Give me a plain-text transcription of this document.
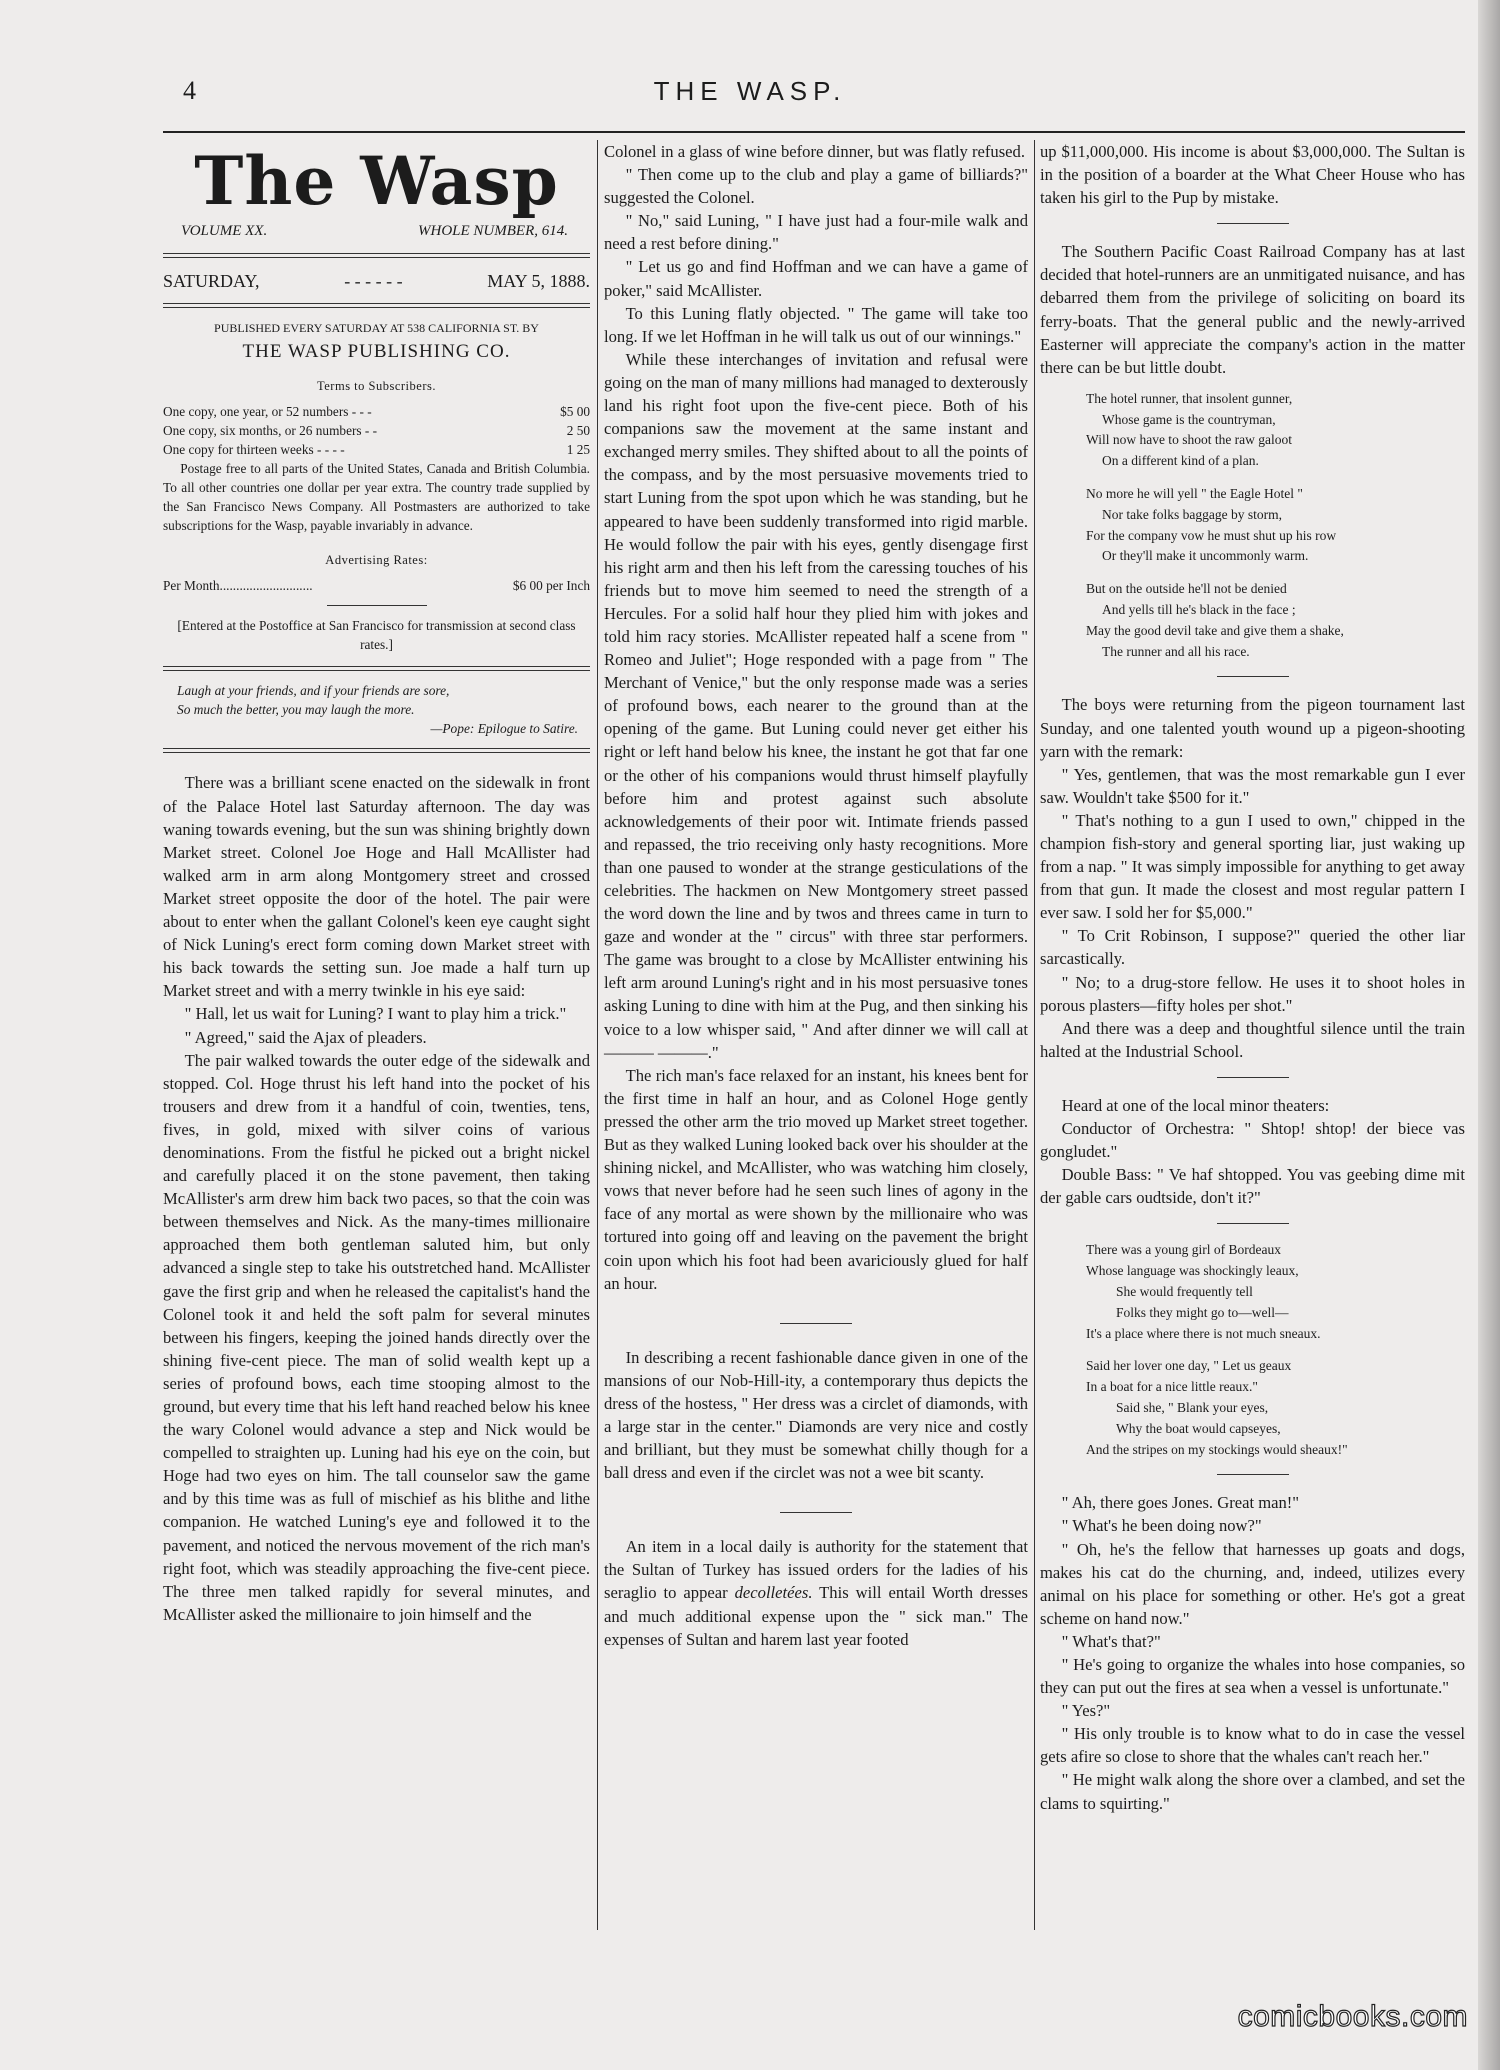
4	THE WASP.
The Wasp
VOLUME XX.	WHOLE NUMBER, 614.
SATURDAY,	- - - - - -	MAY 5, 1888.
PUBLISHED EVERY SATURDAY AT 538 CALIFORNIA ST. BY
THE WASP PUBLISHING CO.
Terms to Subscribers.
One copy, one year, or 52 numbers - - -	$5 00
One copy, six months, or 26 numbers - -	2 50
One copy for thirteen weeks - - - -	1 25

Postage free to all parts of the United States, Canada and British Columbia. To all other countries one dollar per year extra. The country trade supplied by the San Francisco News Company. All Postmasters are authorized to take subscriptions for the Wasp, payable invariably in advance.

Advertising Rates:
Per Month............................	$6 00 per Inch
[Entered at the Postoffice at San Francisco for transmission at second class rates.]
Laugh at your friends, and if your friends are sore,
So much the better, you may laugh the more.
—Pope: Epilogue to Satire.

There was a brilliant scene enacted on the sidewalk in front of the Palace Hotel last Saturday afternoon. The day was waning towards evening, but the sun was shining brightly down Market street. Colonel Joe Hoge and Hall McAllister had walked arm in arm along Montgomery street and crossed Market street opposite the door of the hotel. The pair were about to enter when the gallant Colonel's keen eye caught sight of Nick Luning's erect form coming down Market street with his back towards the setting sun. Joe made a half turn up Market street and with a merry twinkle in his eye said:

" Hall, let us wait for Luning? I want to play him a trick."

" Agreed," said the Ajax of pleaders.

The pair walked towards the outer edge of the sidewalk and stopped. Col. Hoge thrust his left hand into the pocket of his trousers and drew from it a handful of coin, twenties, tens, fives, in gold, mixed with silver coins of various denominations. From the fistful he picked out a bright nickel and carefully placed it on the stone pavement, then taking McAllister's arm drew him back two paces, so that the coin was between themselves and Nick. As the many-times millionaire approached them both gentleman saluted him, but only advanced a single step to take his outstretched hand. McAllister gave the first grip and when he released the capitalist's hand the Colonel took it and held the soft palm for several minutes between his fingers, keeping the joined hands directly over the shining five-cent piece. The man of solid wealth kept up a series of profound bows, each time stooping almost to the ground, but every time that his left hand reached below his knee the wary Colonel would advance a step and Nick would be compelled to straighten up. Luning had his eye on the coin, but Hoge had two eyes on him. The tall counselor saw the game and by this time was as full of mischief as his blithe and lithe companion. He watched Luning's eye and followed it to the pavement, and noticed the nervous movement of the rich man's right foot, which was steadily approaching the five-cent piece. The three men talked rapidly for several minutes, and McAllister asked the millionaire to join himself and the

Colonel in a glass of wine before dinner, but was flatly refused.

" Then come up to the club and play a game of billiards?" suggested the Colonel.

" No," said Luning, " I have just had a four-mile walk and need a rest before dining."

" Let us go and find Hoffman and we can have a game of poker," said McAllister.

To this Luning flatly objected. " The game will take too long. If we let Hoffman in he will talk us out of our winnings."

While these interchanges of invitation and refusal were going on the man of many millions had managed to dexterously land his right foot upon the five-cent piece. Both of his companions saw the movement at the same instant and exchanged merry smiles. They shifted about to all the points of the compass, and by the most persuasive movements tried to start Luning from the spot upon which he was standing, but he appeared to have been suddenly transformed into rigid marble. He would follow the pair with his eyes, gently disengage first his right arm and then his left from the caressing touches of his friends but to move him seemed to need the strength of a Hercules. For a solid half hour they plied him with jokes and told him racy stories. McAllister repeated half a scene from " Romeo and Juliet"; Hoge responded with a page from " The Merchant of Venice," but the only response made was a series of profound bows, each nearer to the ground than at the opening of the game. But Luning could never get either his right or left hand below his knee, the instant he got that far one or the other of his companions would thrust himself playfully before him and protest against such absolute acknowledgements of their poor wit. Intimate friends passed and repassed, the trio receiving only hasty recognitions. More than one paused to wonder at the strange gesticulations of the celebrities. The hackmen on New Montgomery street passed the word down the line and by twos and threes came in turn to gaze and wonder at the " circus" with three star performers. The game was brought to a close by McAllister entwining his left arm around Luning's right and in his most persuasive tones asking Luning to dine with him at the Pug, and then sinking his voice to a low whisper said, " And after dinner we will call at ——— ———."

The rich man's face relaxed for an instant, his knees bent for the first time in half an hour, and as Colonel Hoge gently pressed the other arm the trio moved up Market street together. But as they walked Luning looked back over his shoulder at the shining nickel, and McAllister, who was watching him closely, vows that never before had he seen such lines of agony in the face of any mortal as were shown by the millionaire who was tortured into going off and leaving on the pavement the bright coin upon which his foot had been avariciously glued for half an hour.

In describing a recent fashionable dance given in one of the mansions of our Nob-Hill-ity, a contemporary thus depicts the dress of the hostess, " Her dress was a circlet of diamonds, with a large star in the center." Diamonds are very nice and costly and brilliant, but they must be somewhat chilly though for a ball dress and even if the circlet was not a wee bit scanty.

An item in a local daily is authority for the statement that the Sultan of Turkey has issued orders for the ladies of his seraglio to appear decolletées. This will entail Worth dresses and much additional expense upon the " sick man." The expenses of Sultan and harem last year footed

up $11,000,000. His income is about $3,000,000. The Sultan is in the position of a boarder at the What Cheer House who has taken his girl to the Pup by mistake.

The Southern Pacific Coast Railroad Company has at last decided that hotel-runners are an unmitigated nuisance, and has debarred them from the privilege of soliciting on board its ferry-boats. That the general public and the newly-arrived Easterner will appreciate the company's action in the matter there can be but little doubt.

The hotel runner, that insolent gunner,
Whose game is the countryman,
Will now have to shoot the raw galoot
On a different kind of a plan.
No more he will yell " the Eagle Hotel "
Nor take folks baggage by storm,
For the company vow he must shut up his row
Or they'll make it uncommonly warm.
But on the outside he'll not be denied
And yells till he's black in the face ;
May the good devil take and give them a shake,
The runner and all his race.

The boys were returning from the pigeon tournament last Sunday, and one talented youth wound up a pigeon-shooting yarn with the remark:

" Yes, gentlemen, that was the most remarkable gun I ever saw. Wouldn't take $500 for it."

" That's nothing to a gun I used to own," chipped in the champion fish-story and general sporting liar, just waking up from a nap. " It was simply impossible for anything to get away from that gun. It made the closest and most regular pattern I ever saw. I sold her for $5,000."

" To Crit Robinson, I suppose?" queried the other liar sarcastically.

" No; to a drug-store fellow. He uses it to shoot holes in porous plasters—fifty holes per shot."

And there was a deep and thoughtful silence until the train halted at the Industrial School.

Heard at one of the local minor theaters:

Conductor of Orchestra: " Shtop! shtop! der biece vas gongludet."

Double Bass: " Ve haf shtopped. You vas geebing dime mit der gable cars oudtside, don't it?"

There was a young girl of Bordeaux
Whose language was shockingly leaux,
She would frequently tell
Folks they might go to—well—
It's a place where there is not much sneaux.
Said her lover one day, " Let us geaux
In a boat for a nice little reaux."
Said she, " Blank your eyes,
Why the boat would capseyes,
And the stripes on my stockings would sheaux!"

" Ah, there goes Jones. Great man!"

" What's he been doing now?"

" Oh, he's the fellow that harnesses up goats and dogs, makes his cat do the churning, and, indeed, utilizes every animal on his place for something or other. He's got a great scheme on hand now."

" What's that?"

" He's going to organize the whales into hose companies, so they can put out the fires at sea when a vessel is unfortunate."

" Yes?"

" His only trouble is to know what to do in case the vessel gets afire so close to shore that the whales can't reach her."

" He might walk along the shore over a clambed, and set the clams to squirting."

comicbooks.com
